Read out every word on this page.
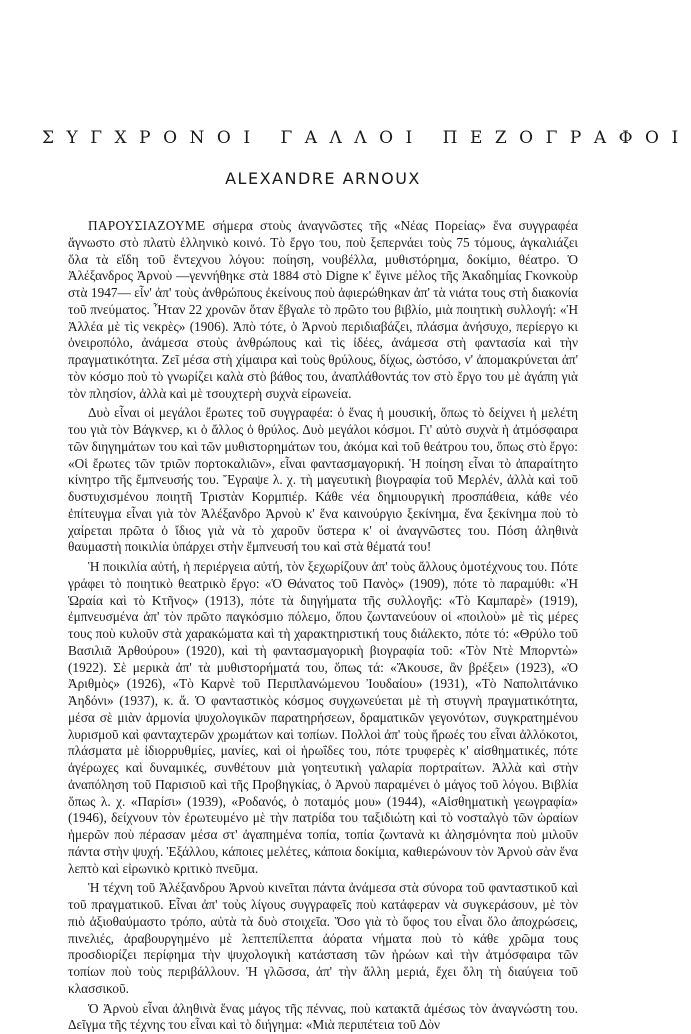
ΣΥΓΧΡΟΝΟΙ ΓΑΛΛΟΙ ΠΕΖΟΓΡΑΦΟΙ
ALEXANDRE ARNOUX

ΠΑΡΟΥΣΙΑΖΟΥΜΕ σήμερα στοὺς ἀναγνῶστες τῆς «Νέας Πορείας» ἕνα συγγραφέα ἄγνωστο στὸ πλατὺ ἑλληνικὸ κοινό. Τὸ ἔργο του, ποὺ ξεπερνάει τοὺς 75 τόμους, ἀγκαλιάζει ὅλα τὰ εἴδη τοῦ ἔντεχνου λόγου: ποίηση, νουβέλλα, μυθιστόρημα, δοκίμιο, θέατρο. Ὁ Ἀλέξανδρος Ἀρνοὺ —γεννήθηκε στὰ 1884 στὸ Digne κ' ἔγινε μέλος τῆς Ἀκαδημίας Γκονκοὺρ στὰ 1947— εἶν' ἀπ' τοὺς ἀνθρώπους ἐκείνους ποὺ ἀφιερώθηκαν ἀπ' τὰ νιάτα τους στὴ διακονία τοῦ πνεύματος. Ἦταν 22 χρονῶν ὅταν ἔβγαλε τὸ πρῶτο του βιβλίο, μιὰ ποιητικὴ συλλογή: «Ἡ Ἀλλέα μὲ τὶς νεκρὲς» (1906). Ἀπὸ τότε, ὁ Ἀρνοὺ περιδιαβάζει, πλάσμα ἀνήσυχο, περίεργο κι ὀνειροπόλο, ἀνάμεσα στοὺς ἀνθρώπους καὶ τὶς ἰδέες, ἀνάμεσα στὴ φαντασία καὶ τὴν πραγματικότητα. Ζεῖ μέσα στὴ χίμαιρα καὶ τοὺς θρύλους, δίχως, ὡστόσο, ν' ἀπομακρύνεται ἀπ' τὸν κόσμο ποὺ τὸ γνωρίζει καλὰ στὸ βάθος του, ἀναπλάθοντάς τον στὸ ἔργο του μὲ ἀγάπη γιὰ τὸν πλησίον, ἀλλὰ καὶ μὲ τσουχτερὴ συχνὰ εἰρωνεία.

Δυὸ εἶναι οἱ μεγάλοι ἔρωτες τοῦ συγγραφέα: ὁ ἕνας ἡ μουσική, ὅπως τὸ δείχνει ἡ μελέτη του γιὰ τὸν Βάγκνερ, κι ὁ ἄλλος ὁ θρύλος. Δυὸ μεγάλοι κόσμοι. Γι' αὐτὸ συχνὰ ἡ ἀτμόσφαιρα τῶν διηγημάτων του καὶ τῶν μυθιστορημάτων του, ἀκόμα καὶ τοῦ θεάτρου του, ὅπως στὸ ἔργο: «Οἱ ἔρωτες τῶν τριῶν πορτοκαλιῶν», εἶναι φαντασμαγορική. Ἡ ποίηση εἶναι τὸ ἀπαραίτητο κίνητρο τῆς ἔμπνευσής του. Ἔγραψε λ. χ. τὴ μαγευτικὴ βιογραφία τοῦ Μερλέν, ἀλλὰ καὶ τοῦ δυστυχισμένου ποιητῆ Τριστὰν Κορμπιέρ. Κάθε νέα δημιουργικὴ προσπάθεια, κάθε νέο ἐπίτευγμα εἶναι γιὰ τὸν Ἀλέξανδρο Ἀρνοὺ κ' ἕνα καινούργιο ξεκίνημα, ἕνα ξεκίνημα ποὺ τὸ χαίρεται πρῶτα ὁ ἴδιος γιὰ νὰ τὸ χαροῦν ὕστερα κ' οἱ ἀναγνῶστες του. Πόση ἀληθινὰ θαυμαστὴ ποικιλία ὑπάρχει στὴν ἔμπνευσή του καὶ στὰ θέματά του!

Ἡ ποικιλία αὐτή, ἡ περιέργεια αὐτή, τὸν ξεχωρίζουν ἀπ' τοὺς ἄλλους ὁμοτέχνους του. Πότε γράφει τὸ ποιητικὸ θεατρικὸ ἔργο: «Ὁ Θάνατος τοῦ Πανὸς» (1909), πότε τὸ παραμύθι: «Ἡ Ὡραία καὶ τὸ Κτῆνος» (1913), πότε τὰ διηγήματα τῆς συλλογῆς: «Τὸ Καμπαρὲ» (1919), ἐμπνευσμένα ἀπ' τὸν πρῶτο παγκόσμιο πόλεμο, ὅπου ζωντανεύουν οἱ «ποιλοὺ» μὲ τὶς μέρες τους ποὺ κυλοῦν στὰ χαρακώματα καὶ τὴ χαρακτηριστική τους διάλεκτο, πότε τό: «Θρύλο τοῦ Βασιλιᾶ Ἀρθούρου» (1920), καὶ τὴ φαντασμαγορικὴ βιογραφία τοῦ: «Τὸν Ντὲ Μπορντὼ» (1922). Σὲ μερικὰ ἀπ' τὰ μυθιστορήματά του, ὅπως τά: «Ἄκουσε, ἂν βρέξει» (1923), «Ὁ Ἀριθμὸς» (1926), «Τὸ Καρνὲ τοῦ Περιπλανώμενου Ἰουδαίου» (1931), «Τὸ Ναπολιτάνικο Ἀηδόνι» (1937), κ. ἄ. Ὁ φανταστικὸς κόσμος συγχωνεύεται μὲ τὴ στυγνὴ πραγματικότητα, μέσα σὲ μιὰν ἁρμονία ψυχολογικῶν παρατηρήσεων, δραματικῶν γεγονότων, συγκρατημένου λυρισμοῦ καὶ φανταχτερῶν χρωμάτων καὶ τοπίων. Πολλοὶ ἀπ' τοὺς ἥρωές του εἶναι ἀλλόκοτοι, πλάσματα μὲ ἰδιορρυθμίες, μανίες, καὶ οἱ ἡρωΐδες του, πότε τρυφερὲς κ' αἰσθηματικές, πότε ἀγέρωχες καὶ δυναμικές, συνθέτουν μιὰ γοητευτικὴ γαλαρία πορτραίτων. Ἀλλὰ καὶ στὴν ἀναπόληση τοῦ Παρισιοῦ καὶ τῆς Προβηγκίας, ὁ Ἀρνοὺ παραμένει ὁ μάγος τοῦ λόγου. Βιβλία ὅπως λ. χ. «Παρίσι» (1939), «Ροδανός, ὁ ποταμός μου» (1944), «Αἰσθηματικὴ γεωγραφία» (1946), δείχνουν τὸν ἐρωτευμένο μὲ τὴν πατρίδα του ταξιδιώτη καὶ τὸ νοσταλγὸ τῶν ὡραίων ἡμερῶν ποὺ πέρασαν μέσα στ' ἀγαπημένα τοπία, τοπία ζωντανὰ κι ἀλησμόνητα ποὺ μιλοῦν πάντα στὴν ψυχή. Ἐξάλλου, κάποιες μελέτες, κάποια δοκίμια, καθιερώνουν τὸν Ἀρνοὺ σὰν ἕνα λεπτὸ καὶ εἰρωνικὸ κριτικὸ πνεῦμα.

Ἡ τέχνη τοῦ Ἀλέξανδρου Ἀρνοὺ κινεῖται πάντα ἀνάμεσα στὰ σύνορα τοῦ φανταστικοῦ καὶ τοῦ πραγματικοῦ. Εἶναι ἀπ' τοὺς λίγους συγγραφεῖς ποὺ κατάφεραν νὰ συγκεράσουν, μὲ τὸν πιὸ ἀξιοθαύμαστο τρόπο, αὐτὰ τὰ δυὸ στοιχεῖα. Ὅσο γιὰ τὸ ὕφος του εἶναι ὅλο ἀποχρώσεις, πινελιές, ἀραβουργημένο μὲ λεπτεπίλεπτα ἀόρατα νήματα ποὺ τὸ κάθε χρῶμα τους προσδιορίζει περίφημα τὴν ψυχολογικὴ κατάσταση τῶν ἡρώων καὶ τὴν ἀτμόσφαιρα τῶν τοπίων ποὺ τοὺς περιβάλλουν. Ἡ γλῶσσα, ἀπ' τὴν ἄλλη μεριά, ἔχει ὅλη τὴ διαύγεια τοῦ κλασσικοῦ.

Ὁ Ἀρνοὺ εἶναι ἀληθινὰ ἕνας μάγος τῆς πέννας, ποὺ κατακτᾶ ἀμέσως τὸν ἀναγνώστη του. Δεῖγμα τῆς τέχνης του εἶναι καὶ τὸ διήγημα: «Μιὰ περιπέτεια τοῦ Δὸν
